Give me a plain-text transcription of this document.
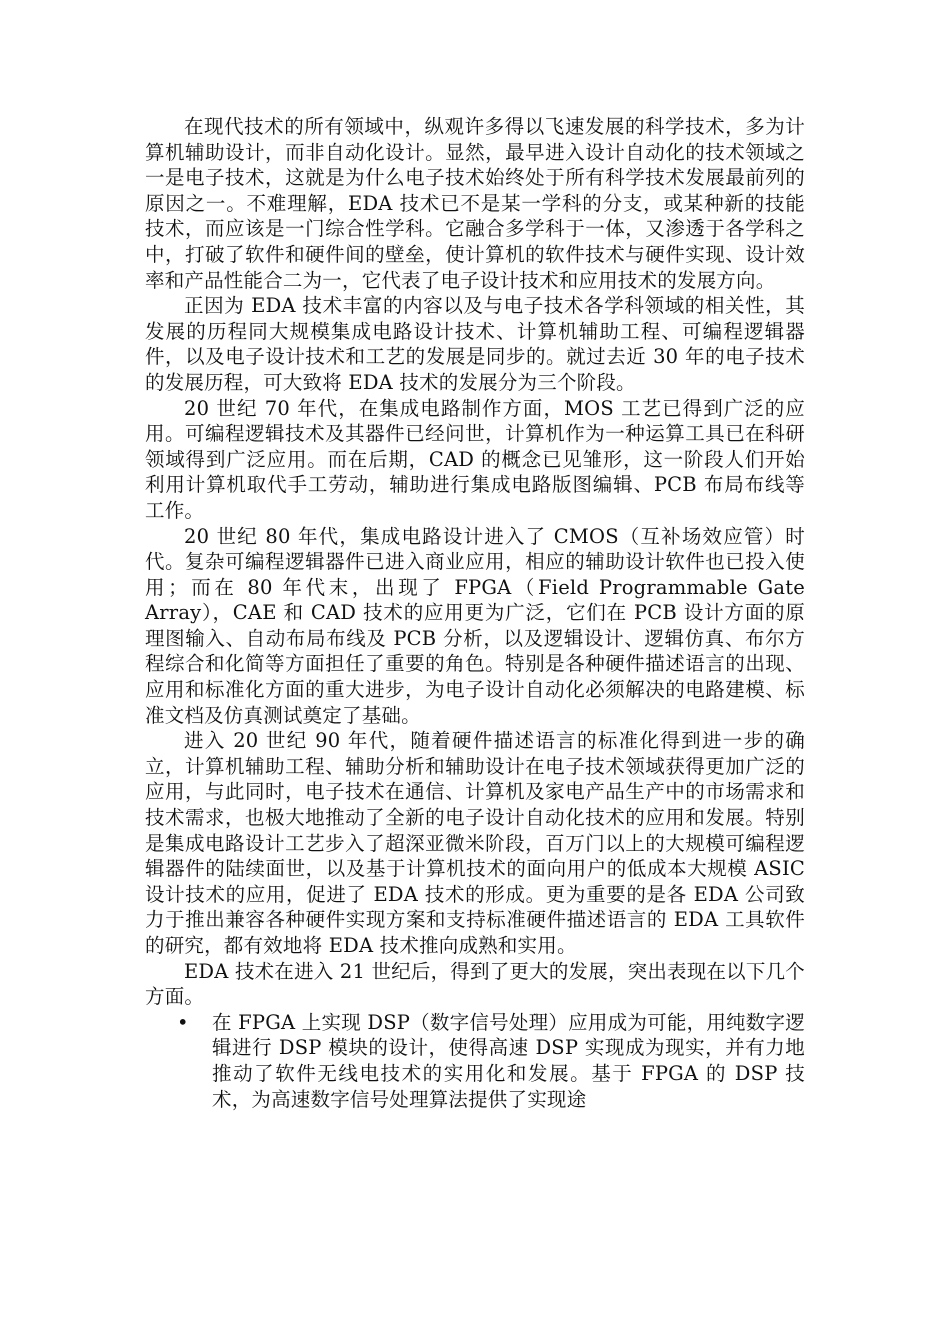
在现代技术的所有领域中，纵观许多得以飞速发展的科学技术，多为计算机辅助设计，而非自动化设计。显然，最早进入设计自动化的技术领域之一是电子技术，这就是为什么电子技术始终处于所有科学技术发展最前列的原因之一。不难理解，EDA 技术已不是某一学科的分支，或某种新的技能技术，而应该是一门综合性学科。它融合多学科于一体，又渗透于各学科之中，打破了软件和硬件间的壁垒，使计算机的软件技术与硬件实现、设计效率和产品性能合二为一，它代表了电子设计技术和应用技术的发展方向。

正因为 EDA 技术丰富的内容以及与电子技术各学科领域的相关性，其发展的历程同大规模集成电路设计技术、计算机辅助工程、可编程逻辑器件，以及电子设计技术和工艺的发展是同步的。就过去近 30 年的电子技术的发展历程，可大致将 EDA 技术的发展分为三个阶段。

20 世纪 70 年代，在集成电路制作方面，MOS 工艺已得到广泛的应用。可编程逻辑技术及其器件已经问世，计算机作为一种运算工具已在科研领域得到广泛应用。而在后期，CAD 的概念已见雏形，这一阶段人们开始利用计算机取代手工劳动，辅助进行集成电路版图编辑、PCB 布局布线等工作。

20 世纪 80 年代，集成电路设计进入了 CMOS（互补场效应管）时代。复杂可编程逻辑器件已进入商业应用，相应的辅助设计软件也已投入使用；而在 80 年代末，出现了 FPGA（Field Programmable Gate Array），CAE 和 CAD 技术的应用更为广泛，它们在 PCB 设计方面的原理图输入、自动布局布线及 PCB 分析，以及逻辑设计、逻辑仿真、布尔方程综合和化简等方面担任了重要的角色。特别是各种硬件描述语言的出现、应用和标准化方面的重大进步，为电子设计自动化必须解决的电路建模、标准文档及仿真测试奠定了基础。

进入 20 世纪 90 年代，随着硬件描述语言的标准化得到进一步的确立，计算机辅助工程、辅助分析和辅助设计在电子技术领域获得更加广泛的应用，与此同时，电子技术在通信、计算机及家电产品生产中的市场需求和技术需求，也极大地推动了全新的电子设计自动化技术的应用和发展。特别是集成电路设计工艺步入了超深亚微米阶段，百万门以上的大规模可编程逻辑器件的陆续面世，以及基于计算机技术的面向用户的低成本大规模 ASIC 设计技术的应用，促进了 EDA 技术的形成。更为重要的是各 EDA 公司致力于推出兼容各种硬件实现方案和支持标准硬件描述语言的 EDA 工具软件的研究，都有效地将 EDA 技术推向成熟和实用。

EDA 技术在进入 21 世纪后，得到了更大的发展，突出表现在以下几个方面。

• 在 FPGA 上实现 DSP（数字信号处理）应用成为可能，用纯数字逻辑进行 DSP 模块的设计，使得高速 DSP 实现成为现实，并有力地推动了软件无线电技术的实用化和发展。基于 FPGA 的 DSP 技术，为高速数字信号处理算法提供了实现途
